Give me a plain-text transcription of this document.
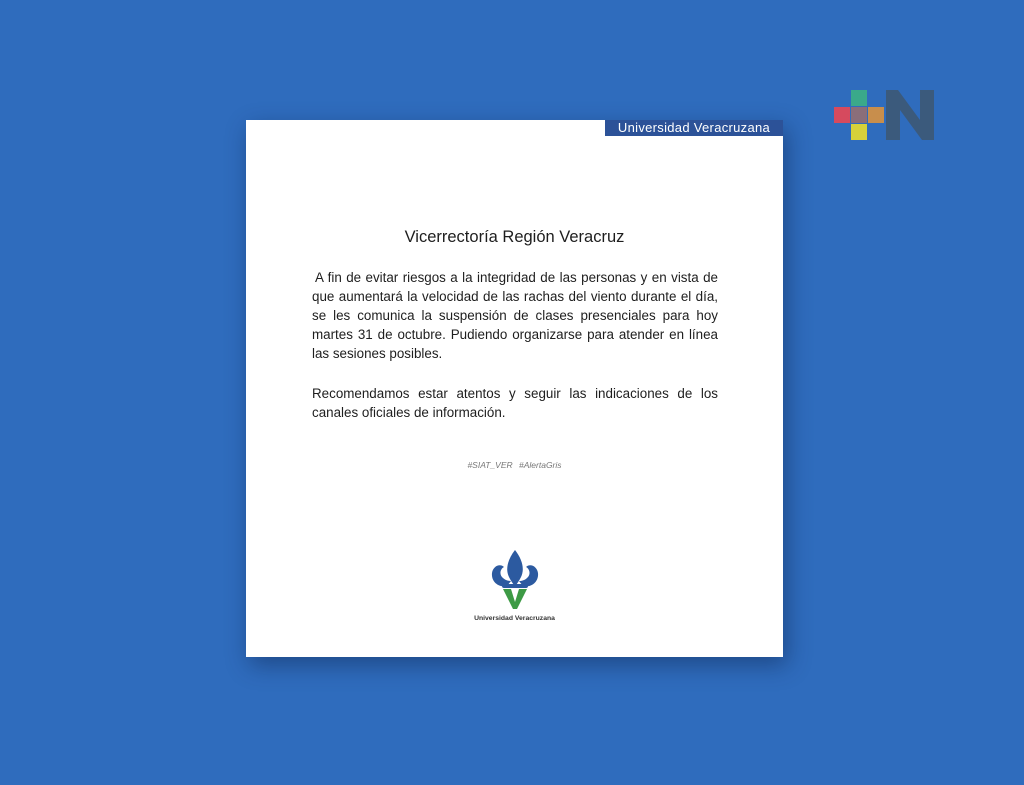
Universidad Veracruzana
Vicerrectoría Región Veracruz

A fin de evitar riesgos a la integridad de las personas y en vista de que aumentará la velocidad de las rachas del viento durante el día, se les comunica la suspensión de clases presenciales para hoy martes 31 de octubre. Pudiendo organizarse para atender en línea las sesiones posibles.

Recomendamos estar atentos y seguir las indicaciones de los canales oficiales de información.

#SIAT_VER #AlertaGris
Universidad Veracruzana
